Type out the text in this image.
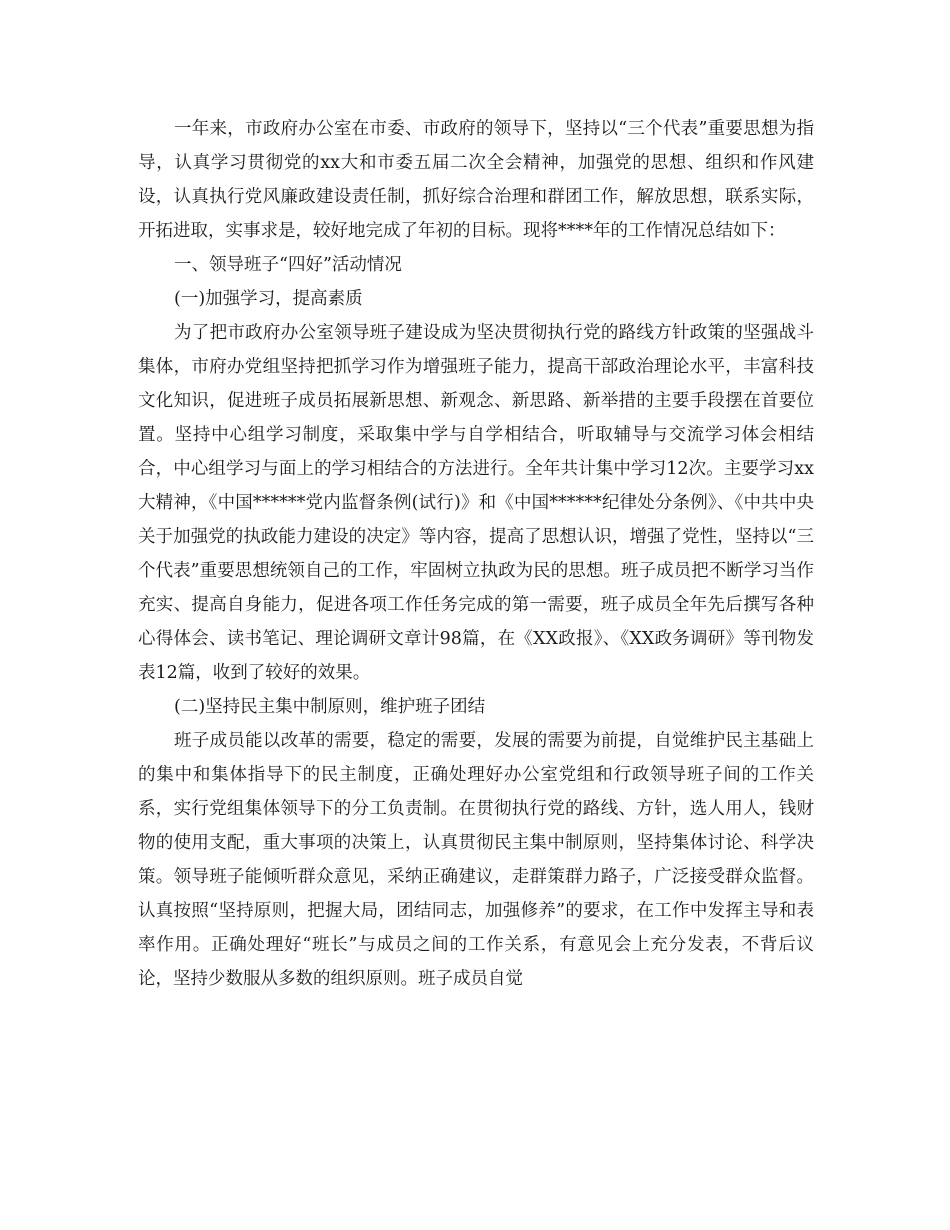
一年来，市政府办公室在市委、市政府的领导下，坚持以“三个代表”重要思想为指导，认真学习贯彻党的xx大和市委五届二次全会精神，加强党的思想、组织和作风建设，认真执行党风廉政建设责任制，抓好综合治理和群团工作，解放思想，联系实际，开拓进取，实事求是，较好地完成了年初的目标。现将****年的工作情况总结如下：

一、领导班子“四好”活动情况

(一)加强学习，提高素质

为了把市政府办公室领导班子建设成为坚决贯彻执行党的路线方针政策的坚强战斗集体，市府办党组坚持把抓学习作为增强班子能力，提高干部政治理论水平，丰富科技文化知识，促进班子成员拓展新思想、新观念、新思路、新举措的主要手段摆在首要位置。坚持中心组学习制度，采取集中学与自学相结合，听取辅导与交流学习体会相结合，中心组学习与面上的学习相结合的方法进行。全年共计集中学习12次。主要学习xx大精神，《中国******党内监督条例(试行)》和《中国******纪律处分条例》、《中共中央关于加强党的执政能力建设的决定》等内容，提高了思想认识，增强了党性，坚持以“三个代表”重要思想统领自己的工作，牢固树立执政为民的思想。班子成员把不断学习当作充实、提高自身能力，促进各项工作任务完成的第一需要，班子成员全年先后撰写各种心得体会、读书笔记、理论调研文章计98篇，在《XX政报》、《XX政务调研》等刊物发表12篇，收到了较好的效果。

(二)坚持民主集中制原则，维护班子团结

班子成员能以改革的需要，稳定的需要，发展的需要为前提，自觉维护民主基础上的集中和集体指导下的民主制度，正确处理好办公室党组和行政领导班子间的工作关系，实行党组集体领导下的分工负责制。在贯彻执行党的路线、方针，选人用人，钱财物的使用支配，重大事项的决策上，认真贯彻民主集中制原则，坚持集体讨论、科学决策。领导班子能倾听群众意见，采纳正确建议，走群策群力路子，广泛接受群众监督。认真按照“坚持原则，把握大局，团结同志，加强修养”的要求，在工作中发挥主导和表率作用。正确处理好“班长”与成员之间的工作关系，有意见会上充分发表，不背后议论，坚持少数服从多数的组织原则。班子成员自觉
